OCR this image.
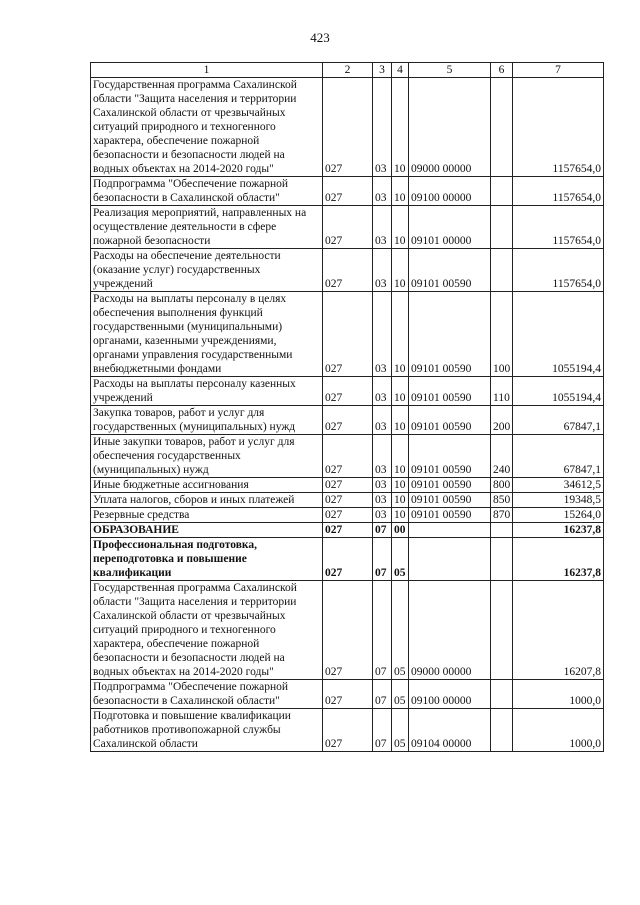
423
1	2	3	4	5	6	7
Государственная программа Сахалинской области "Защита населения и территории Сахалинской области от чрезвычайных ситуаций природного и техногенного характера, обеспечение пожарной безопасности и безопасности людей на водных объектах на 2014-2020 годы"	027	03	10	09000 00000		1157654,0
Подпрограмма "Обеспечение пожарной безопасности в Сахалинской области"	027	03	10	09100 00000		1157654,0
Реализация мероприятий, направленных на осуществление деятельности в сфере пожарной безопасности	027	03	10	09101 00000		1157654,0
Расходы на обеспечение деятельности (оказание услуг) государственных учреждений	027	03	10	09101 00590		1157654,0
Расходы на выплаты персоналу в целях обеспечения выполнения функций государственными (муниципальными) органами, казенными учреждениями, органами управления государственными внебюджетными фондами	027	03	10	09101 00590	100	1055194,4
Расходы на выплаты персоналу казенных учреждений	027	03	10	09101 00590	110	1055194,4
Закупка товаров, работ и услуг для государственных (муниципальных) нужд	027	03	10	09101 00590	200	67847,1
Иные закупки товаров, работ и услуг для обеспечения государственных (муниципальных) нужд	027	03	10	09101 00590	240	67847,1
Иные бюджетные ассигнования	027	03	10	09101 00590	800	34612,5
Уплата налогов, сборов и иных платежей	027	03	10	09101 00590	850	19348,5
Резервные средства	027	03	10	09101 00590	870	15264,0
ОБРАЗОВАНИЕ	027	07	00			16237,8
Профессиональная подготовка, переподготовка и повышение квалификации	027	07	05			16237,8
Государственная программа Сахалинской области "Защита населения и территории Сахалинской области от чрезвычайных ситуаций природного и техногенного характера, обеспечение пожарной безопасности и безопасности людей на водных объектах на 2014-2020 годы"	027	07	05	09000 00000		16207,8
Подпрограмма "Обеспечение пожарной безопасности в Сахалинской области"	027	07	05	09100 00000		1000,0
Подготовка и повышение квалификации работников противопожарной службы Сахалинской области	027	07	05	09104 00000		1000,0
